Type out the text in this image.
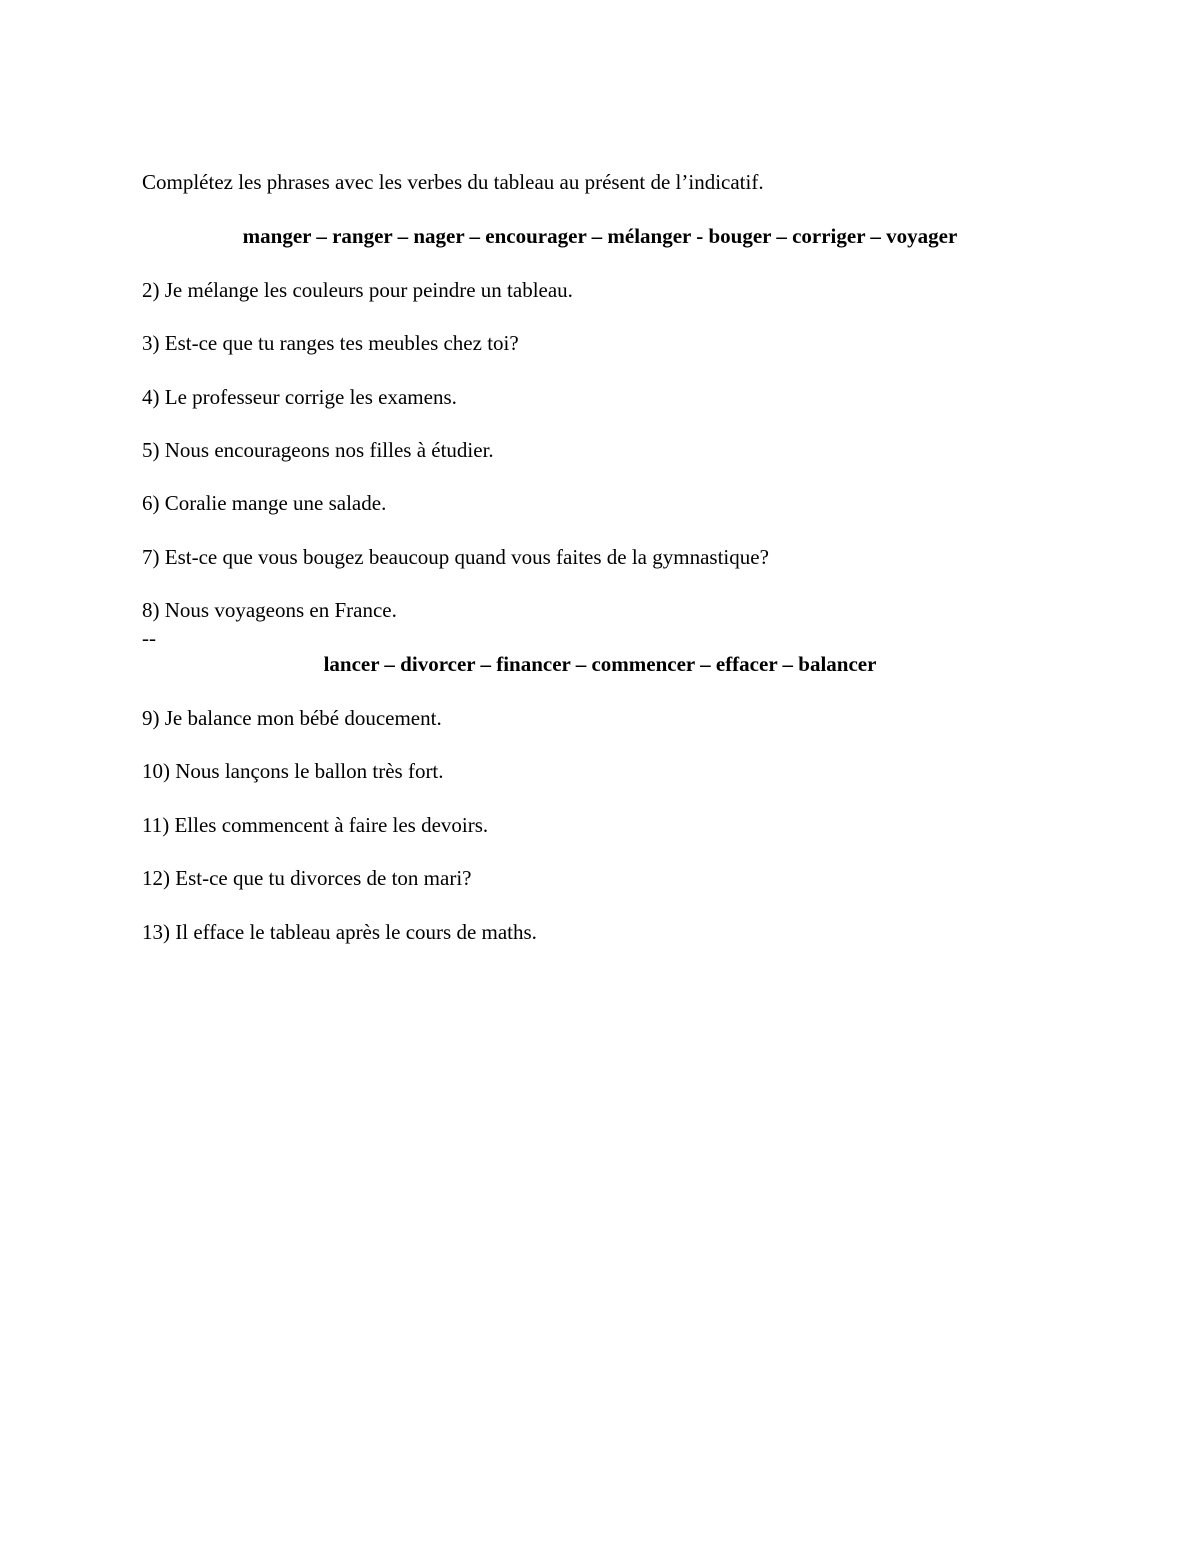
Complétez les phrases avec les verbes du tableau au présent de l’indicatif.
manger – ranger – nager – encourager – mélanger - bouger – corriger – voyager
2) Je mélange les couleurs pour peindre un tableau.
3) Est-ce que tu ranges tes meubles chez toi?
4) Le professeur corrige les examens.
5) Nous encourageons nos filles à étudier.
6) Coralie mange une salade.
7) Est-ce que vous bougez beaucoup quand vous faites de la gymnastique?
8) Nous voyageons en France.
--
lancer – divorcer – financer – commencer – effacer – balancer
9) Je balance mon bébé doucement.
10) Nous lançons le ballon très fort.
11) Elles commencent à faire les devoirs.
12) Est-ce que tu divorces de ton mari?
13) Il efface le tableau après le cours de maths.
